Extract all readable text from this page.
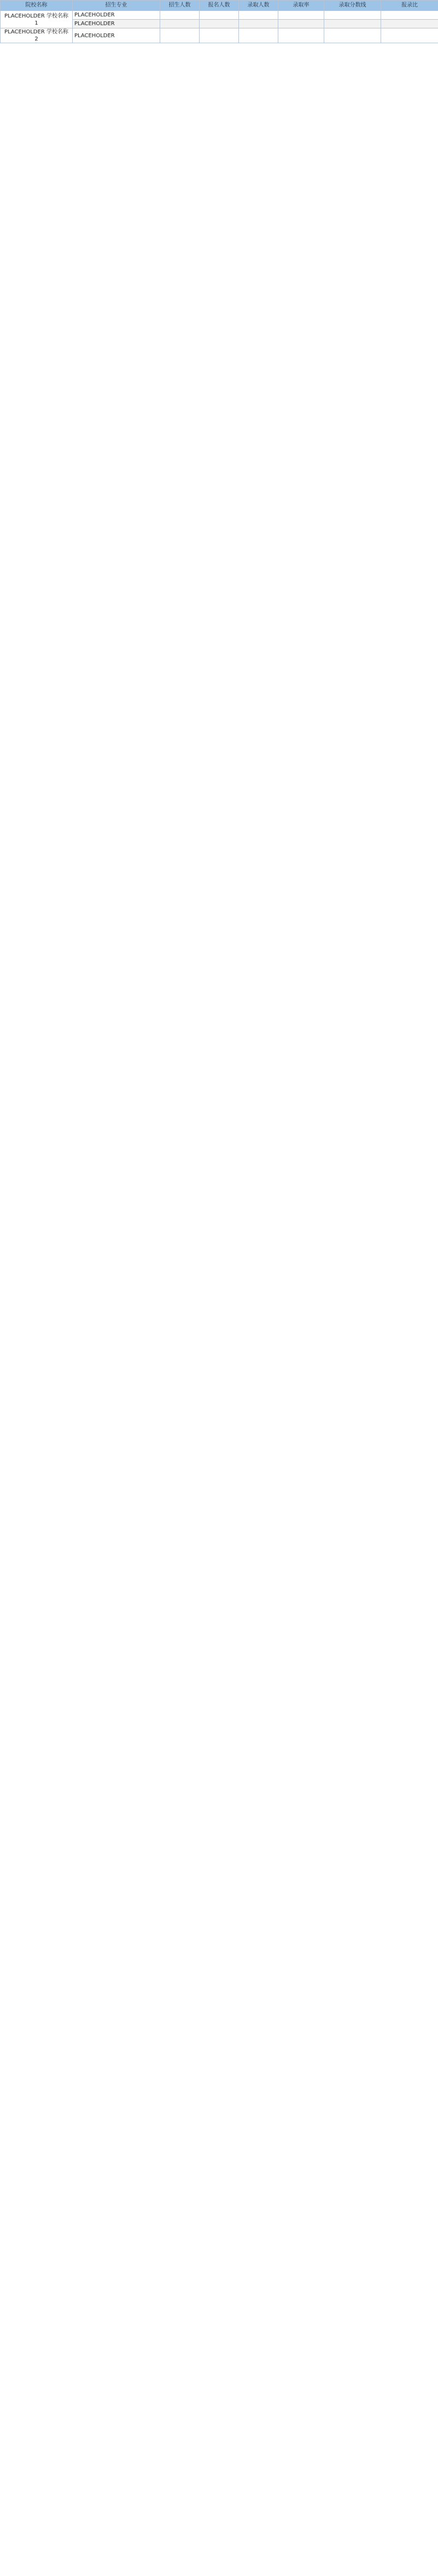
院校名称	招生专业	招生人数	报名人数	录取人数	录取率	录取分数线	报录比
PLACEHOLDER 学校名称 1	PLACEHOLDER						
	PLACEHOLDER						
PLACEHOLDER 学校名称 2	PLACEHOLDER						
